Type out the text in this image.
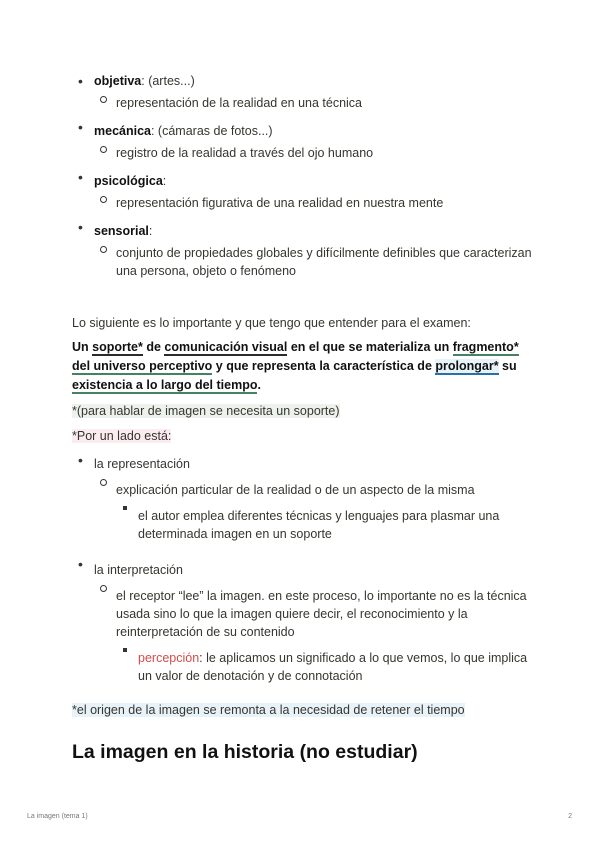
• objetiva: (artes...)
representación de la realidad en una técnica
• mecánica: (cámaras de fotos...)
registro de la realidad a través del ojo humano
• psicológica:
representación figurativa de una realidad en nuestra mente
• sensorial:
conjunto de propiedades globales y difícilmente definibles que caracterizan una persona, objeto o fenómeno

Lo siguiente es lo importante y que tengo que entender para el examen:

Un soporte* de comunicación visual en el que se materializa un fragmento* del universo perceptivo y que representa la característica de prolongar* su existencia a lo largo del tiempo.

*(para hablar de imagen se necesita un soporte)

*Por un lado está:

• la representación
explicación particular de la realidad o de un aspecto de la misma
el autor emplea diferentes técnicas y lenguajes para plasmar una determinada imagen en un soporte
• la interpretación
el receptor “lee” la imagen. en este proceso, lo importante no es la técnica usada sino lo que la imagen quiere decir, el reconocimiento y la reinterpretación de su contenido
percepción: le aplicamos un significado a lo que vemos, lo que implica un valor de denotación y de connotación

*el origen de la imagen se remonta a la necesidad de retener el tiempo

La imagen en la historia (no estudiar)
La imagen (tema 1)	2
